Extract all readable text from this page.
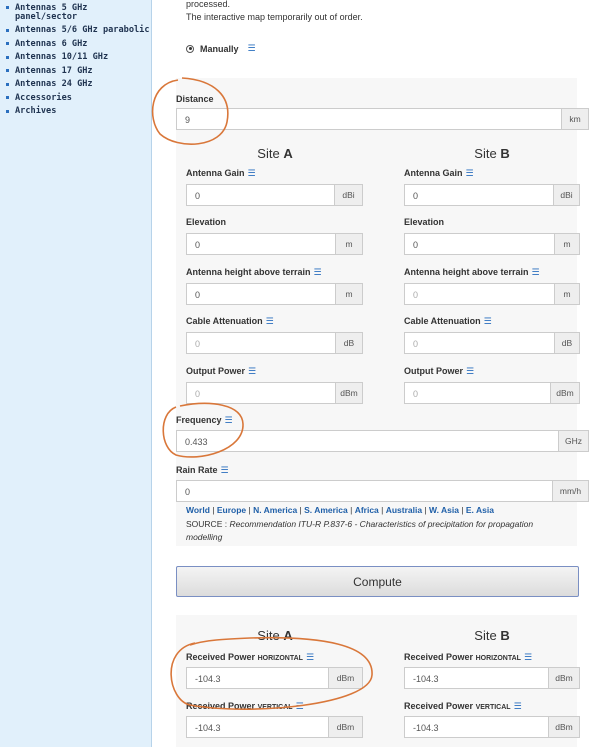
Antennas 5 GHz panel/sector
Antennas 5/6 GHz parabolic
Antennas 6 GHz
Antennas 10/11 GHz
Antennas 17 GHz
Antennas 24 GHz
Accessories
Archives
processed.
The interactive map temporarily out of order.
Manually ☰
Distance
9	km
Site A	Site B
Antenna Gain ☰
0	dBi
Antenna Gain ☰
0	dBi
Elevation
0	m
Elevation
0	m
Antenna height above terrain ☰
0	m
Antenna height above terrain ☰
0	m
Cable Attenuation ☰
0	dB
Cable Attenuation ☰
0	dB
Output Power ☰
0	dBm
Output Power ☰
0	dBm
Frequency ☰
0.433	GHz
Rain Rate ☰
0	mm/h
World | Europe | N. America | S. America | Africa | Australia | W. Asia | E. Asia
SOURCE : Recommendation ITU-R P.837-6 - Characteristics of precipitation for propagation modelling
Compute
Site A	Site B
Received Power HORIZONTAL ☰
-104.3	dBm
Received Power HORIZONTAL ☰
-104.3	dBm
Received Power VERTICAL ☰
-104.3	dBm
Received Power VERTICAL ☰
-104.3	dBm
